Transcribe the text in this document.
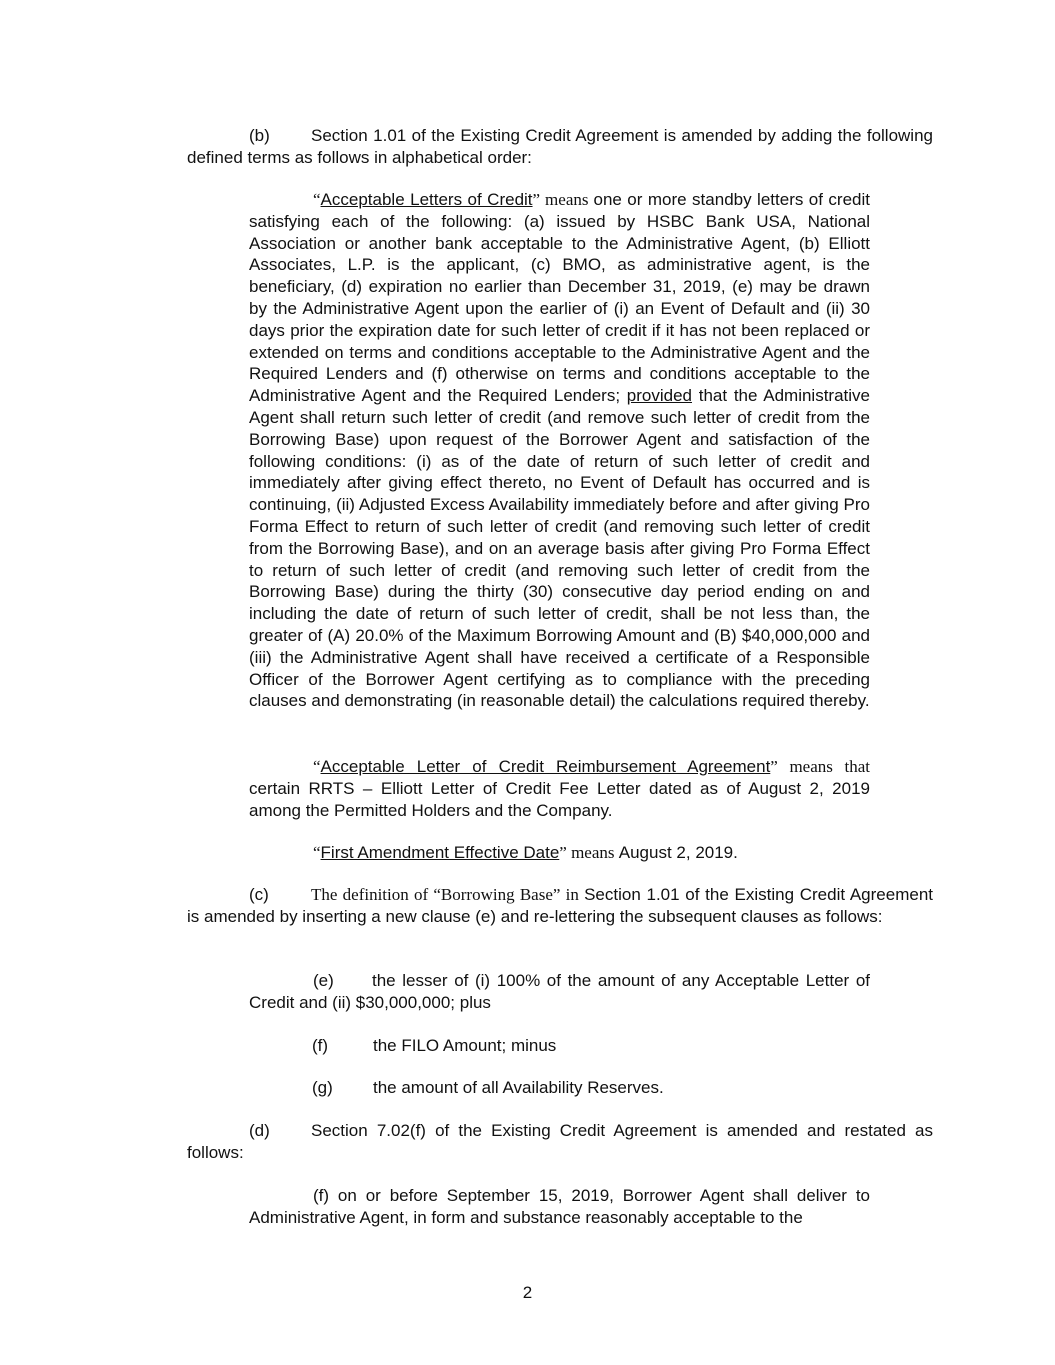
(b) Section 1.01 of the Existing Credit Agreement is amended by adding the following defined terms as follows in alphabetical order:

“Acceptable Letters of Credit” means one or more standby letters of credit satisfying each of the following: (a) issued by HSBC Bank USA, National Association or another bank acceptable to the Administrative Agent, (b) Elliott Associates, L.P. is the applicant, (c) BMO, as administrative agent, is the beneficiary, (d) expiration no earlier than December 31, 2019, (e) may be drawn by the Administrative Agent upon the earlier of (i) an Event of Default and (ii) 30 days prior the expiration date for such letter of credit if it has not been replaced or extended on terms and conditions acceptable to the Administrative Agent and the Required Lenders and (f) otherwise on terms and conditions acceptable to the Administrative Agent and the Required Lenders; provided that the Administrative Agent shall return such letter of credit (and remove such letter of credit from the Borrowing Base) upon request of the Borrower Agent and satisfaction of the following conditions: (i) as of the date of return of such letter of credit and immediately after giving effect thereto, no Event of Default has occurred and is continuing, (ii) Adjusted Excess Availability immediately before and after giving Pro Forma Effect to return of such letter of credit (and removing such letter of credit from the Borrowing Base), and on an average basis after giving Pro Forma Effect to return of such letter of credit (and removing such letter of credit from the Borrowing Base) during the thirty (30) consecutive day period ending on and including the date of return of such letter of credit, shall be not less than, the greater of (A) 20.0% of the Maximum Borrowing Amount and (B) $40,000,000 and (iii) the Administrative Agent shall have received a certificate of a Responsible Officer of the Borrower Agent certifying as to compliance with the preceding clauses and demonstrating (in reasonable detail) the calculations required thereby.

“Acceptable Letter of Credit Reimbursement Agreement” means that certain RRTS – Elliott Letter of Credit Fee Letter dated as of August 2, 2019 among the Permitted Holders and the Company.

“First Amendment Effective Date” means August 2, 2019.

(c) The definition of “Borrowing Base” in Section 1.01 of the Existing Credit Agreement is amended by inserting a new clause (e) and re-lettering the subsequent clauses as follows:

(e) the lesser of (i) 100% of the amount of any Acceptable Letter of Credit and (ii) $30,000,000; plus

(f)	the FILO Amount; minus

(g) the amount of all Availability Reserves.

(d) Section 7.02(f) of the Existing Credit Agreement is amended and restated as follows:

(f) on or before September 15, 2019, Borrower Agent shall deliver to Administrative Agent, in form and substance reasonably acceptable to the

2
